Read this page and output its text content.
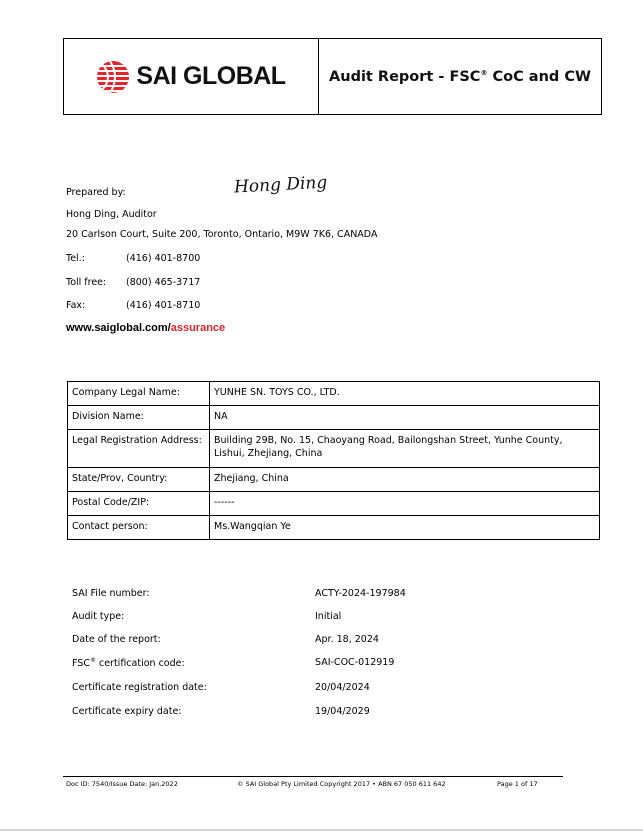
SAI GLOBAL	Audit Report - FSC® CoC and CW
Prepared by:	Hong Ding
Hong Ding, Auditor
20 Carlson Court, Suite 200, Toronto, Ontario, M9W 7K6, CANADA
Tel.:	(416) 401-8700
Toll free: (800) 465-3717
Fax:	(416) 401-8710
www.saiglobal.com/assurance
Company Legal Name:	YUNHE SN. TOYS CO., LTD.
Division Name:	NA
Legal Registration Address:	Building 29B, No. 15, Chaoyang Road, Bailongshan Street, Yunhe County, Lishui, Zhejiang, China
State/Prov, Country:	Zhejiang, China
Postal Code/ZIP:	------
Contact person:	Ms.Wangqian Ye
SAI File number:	ACTY-2024-197984
Audit type:	Initial
Date of the report:	Apr. 18, 2024
FSC® certification code:	SAI-COC-012919
Certificate registration date:	20/04/2024
Certificate expiry date:	19/04/2029
Doc ID: 7540/Issue Date: Jan.2022	© SAI Global Pty Limited Copyright 2017 • ABN 67 050 611 642	Page 1 of 17
